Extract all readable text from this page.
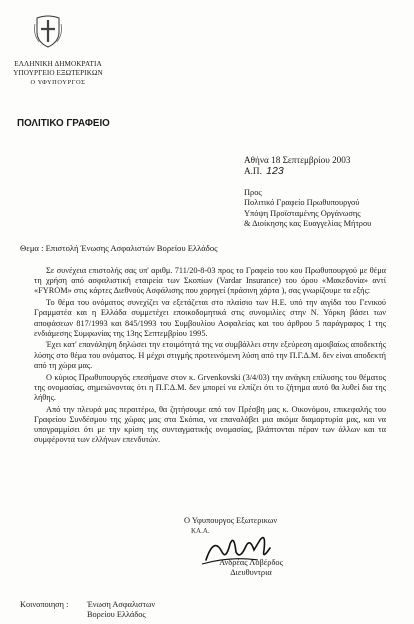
ΕΛΛΗΝΙΚΗ ΔΗΜΟΚΡΑΤΙΑ
ΥΠΟΥΡΓΕΙΟ ΕΞΩΤΕΡΙΚΩΝ
Ο ΥΦΥΠΟΥΡΓΟΣ
ΠΟΛΙΤΙΚΟ ΓΡΑΦΕΙΟ
Αθήνα 18 Σεπτεμβρίου 2003
Α.Π. 123
Προς
Πολιτικό Γραφείο Πρωθυπουργού
Υπόψη Προϊσταμένης Οργάνωσης
& Διοίκησης κας Ευαγγελίας Μήτρου
Θεμα : Επιστολή Ένωσης Ασφαλιστών Βορείου Ελλάδος

Σε συνέχεια επιστολής σας υπ' αριθμ. 711/20-8-03 προς το Γραφείο του κου Πρωθυπουργού με θέμα τη χρήση από ασφαλιστική εταιρεία των Σκοπίων (Vardar Insurance) του όρου «Μακεδονία» αντί «FYROM» στις κάρτες Διεθνούς Ασφάλισης που χορηγεί (πράσινη χάρτα ), σας γνωρίζουμε τα εξής:

Το θέμα του ονόματος συνεχίζει να εξετάζεται στο πλαίσιο των Η.Ε. υπό την αιγίδα του Γενικού Γραμματέα και η Ελλάδα συμμετέχει εποικοδομητικά στις συνομιλίες στην Ν. Υόρκη βάσει των αποφάσεων 817/1993 και 845/1993 του Συμβουλίου Ασφαλείας και του άρθρου 5 παράγραφος 1 της ενδιάμεσης Συμφωνίας της 13ης Σεπτεμβρίου 1995.

Έχει κατ' επανάληψη δηλώσει την ετοιμότητά της να συμβάλλει στην εξεύρεση αμοιβαίως αποδεκτής λύσης στο θέμα του ονόματος. Η μέχρι στιγμής προτεινόμενη λύση από την Π.Γ.Δ.Μ. δεν είναι αποδεκτή από τη χώρα μας.

Ο κύριος Πρωθυπουργός επεσήμανε στον κ. Grvenkovski (3/4/03) την ανάγκη επίλυσης του θέματος της ονομασίας, σημειώνοντας ότι η Π.Γ.Δ.Μ. δεν μπορεί να ελπίζει ότι το ζήτημα αυτό θα λυθεί δια της λήθης.

Από την πλευρά μας περαιτέρω, θα ζητήσουμε από τον Πρέσβη μας κ. Οικονόμου, επικεφαλής του Γραφείου Συνδέσμου της χώρας μας στα Σκόπια, να επαναλάβει μια ακόμα διαμαρτυρία μας, και να υπογραμμίσει ότι με την κρίση της συνταγματικής ονομασίας, βλάπτονται πέραν των άλλων και τα συμφέροντα των ελλήνων επενδυτών.

Ο Υφυπουργος Εξωτερικων
ΚΑ.Α.
Ανδρέας Λοβέρδος
Διευθυντρια
Κοινοποιηση : Ένωση Ασφαλιστων
Βορείου Ελλάδος
